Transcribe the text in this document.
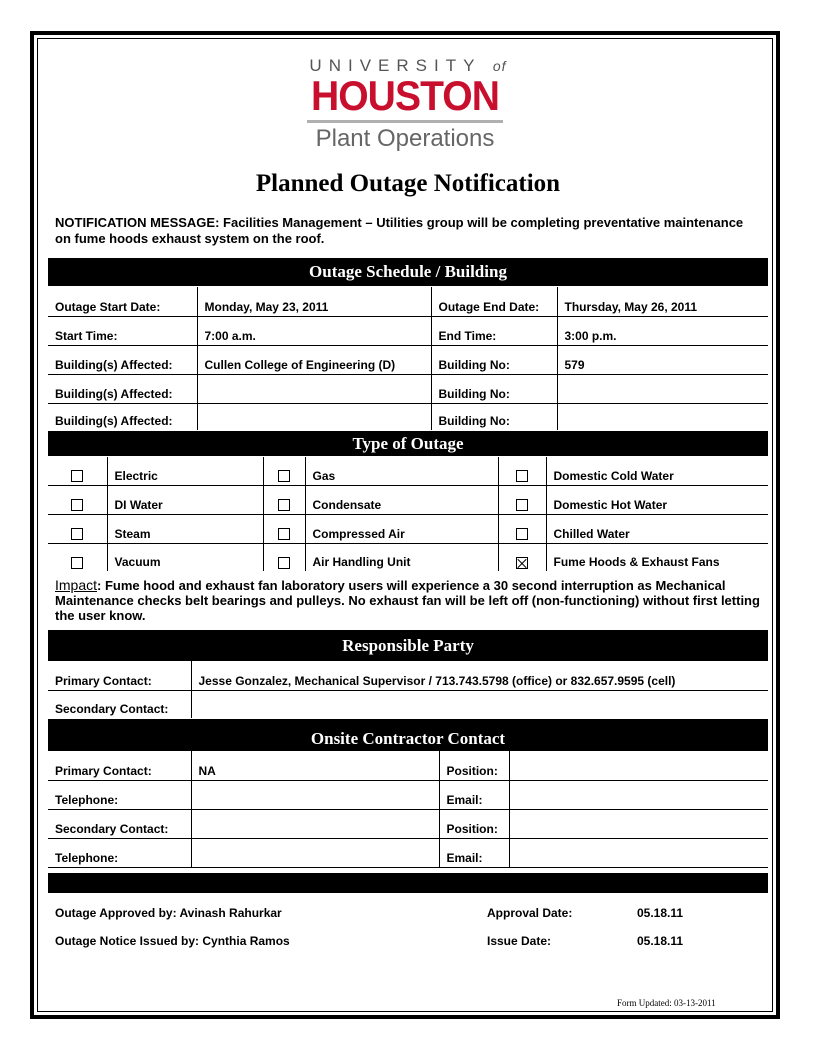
UNIVERSITY of
HOUSTON
Plant Operations
Planned Outage Notification
NOTIFICATION MESSAGE: Facilities Management – Utilities group will be completing preventative maintenance on fume hoods exhaust system on the roof.
Outage Schedule / Building
Outage Start Date:	Monday, May 23, 2011	Outage End Date:	Thursday, May 26, 2011
Start Time:	7:00 a.m.	End Time:	3:00 p.m.
Building(s) Affected:	Cullen College of Engineering (D)	Building No:	579
Building(s) Affected:		Building No:	
Building(s) Affected:		Building No:	
Type of Outage
	Electric		Gas		Domestic Cold Water
	DI Water		Condensate		Domestic Hot Water
	Steam		Compressed Air		Chilled Water
	Vacuum		Air Handling Unit		Fume Hoods & Exhaust Fans
Impact: Fume hood and exhaust fan laboratory users will experience a 30 second interruption as Mechanical Maintenance checks belt bearings and pulleys. No exhaust fan will be left off (non-functioning) without first letting the user know.
Responsible Party
Primary Contact:	Jesse Gonzalez, Mechanical Supervisor / 713.743.5798 (office) or 832.657.9595 (cell)
Secondary Contact:	
Onsite Contractor Contact
Primary Contact:	NA	Position:	
Telephone:		Email:	
Secondary Contact:		Position:	
Telephone:		Email:	
Outage Approved by: Avinash Rahurkar	Approval Date:	05.18.11
Outage Notice Issued by: Cynthia Ramos	Issue Date:	05.18.11
Form Updated: 03-13-2011
